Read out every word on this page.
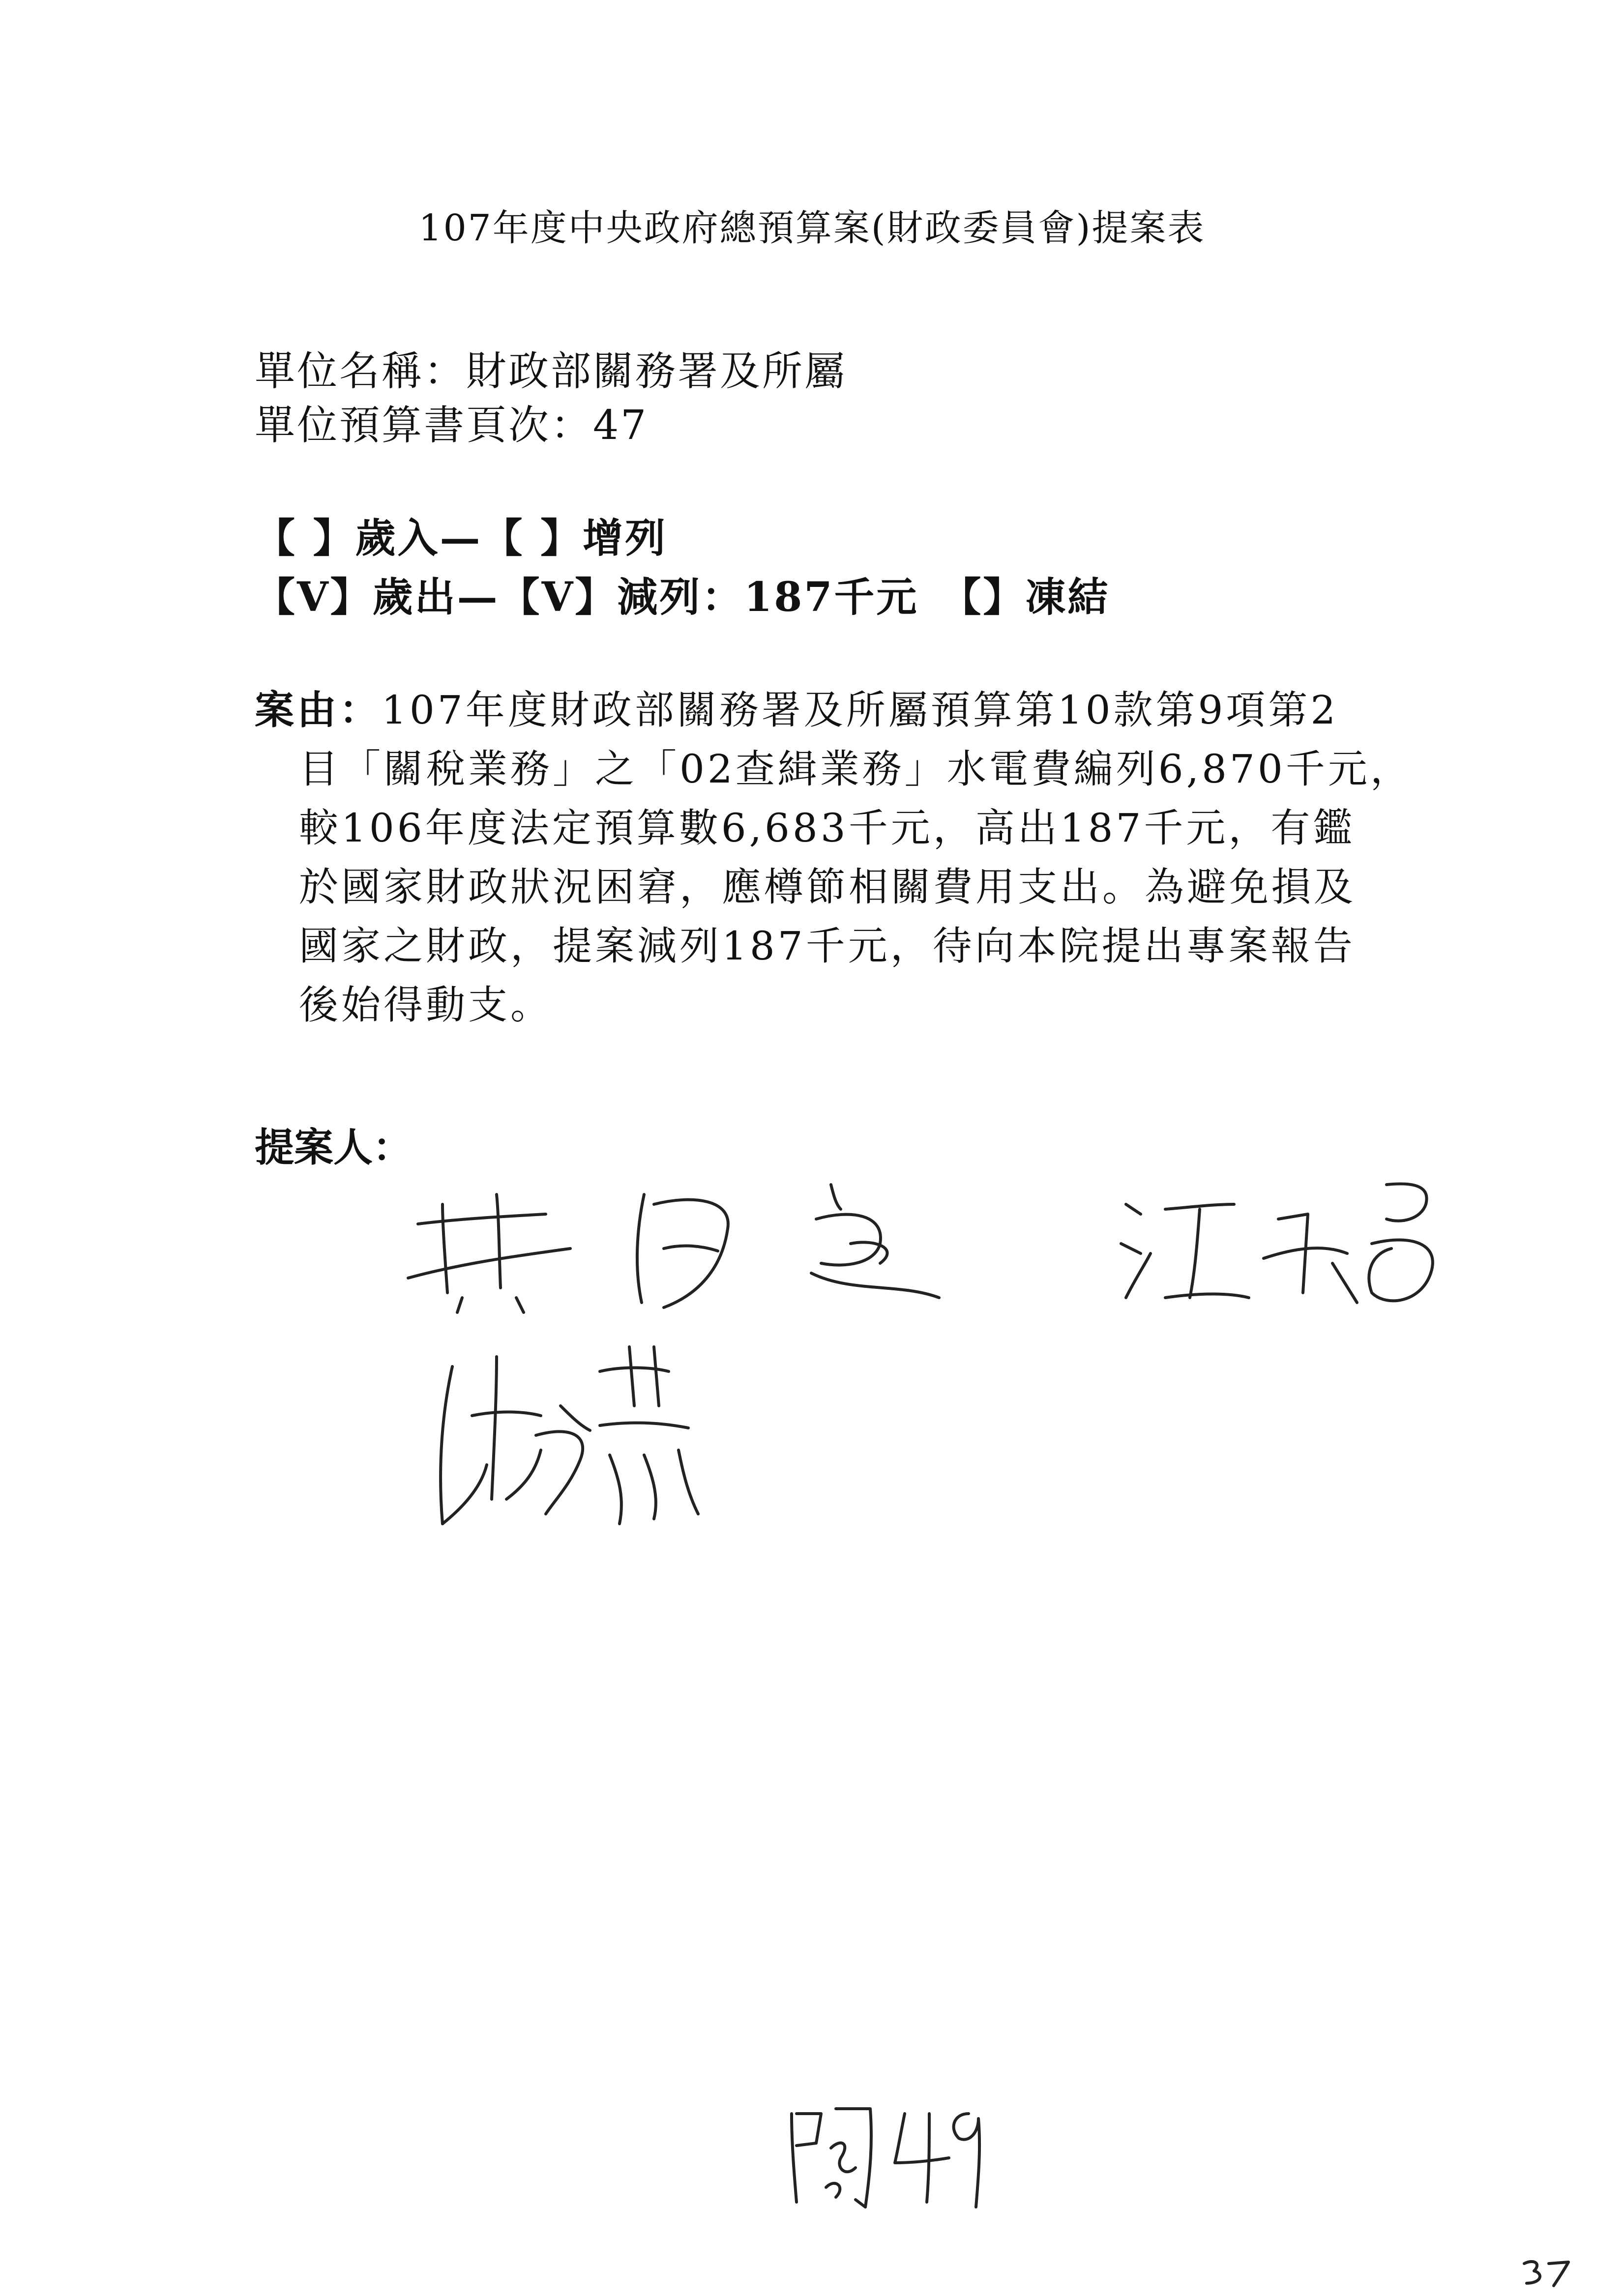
107年度中央政府總預算案(財政委員會)提案表
單位名稱：財政部關務署及所屬
單位預算書頁次：47
【 】歲入—【 】增列
【V】歲出—【V】減列：187千元　【】凍結
案由：107年度財政部關務署及所屬預算第10款第9項第2
目「關稅業務」之「02查緝業務」水電費編列6,870千元，
較106年度法定預算數6,683千元，高出187千元，有鑑
於國家財政狀況困窘，應樽節相關費用支出。為避免損及
國家之財政，提案減列187千元，待向本院提出專案報告
後始得動支。
提案人：
